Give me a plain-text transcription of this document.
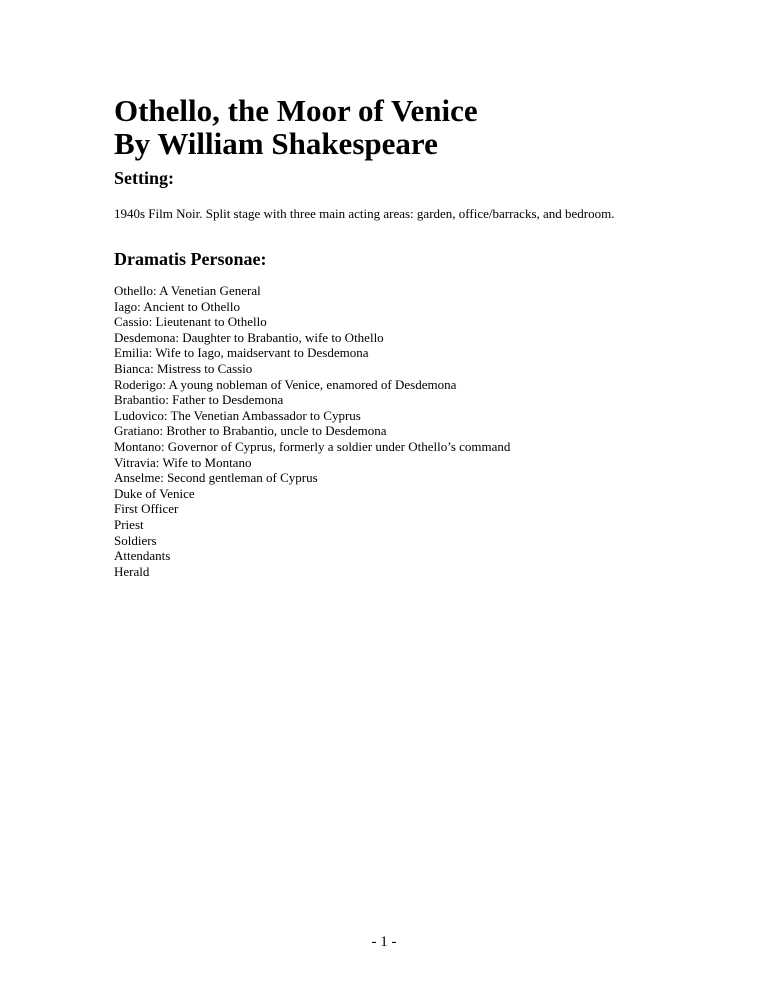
Othello, the Moor of Venice
By William Shakespeare
Setting:

1940s Film Noir. Split stage with three main acting areas: garden, office/barracks, and bedroom.

Dramatis Personae:
Othello: A Venetian General
Iago: Ancient to Othello
Cassio: Lieutenant to Othello
Desdemona: Daughter to Brabantio, wife to Othello
Emilia: Wife to Iago, maidservant to Desdemona
Bianca: Mistress to Cassio
Roderigo: A young nobleman of Venice, enamored of Desdemona
Brabantio: Father to Desdemona
Ludovico: The Venetian Ambassador to Cyprus
Gratiano: Brother to Brabantio, uncle to Desdemona
Montano: Governor of Cyprus, formerly a soldier under Othello’s command
Vitravia: Wife to Montano
Anselme: Second gentleman of Cyprus
Duke of Venice
First Officer
Priest
Soldiers
Attendants
Herald
- 1 -
